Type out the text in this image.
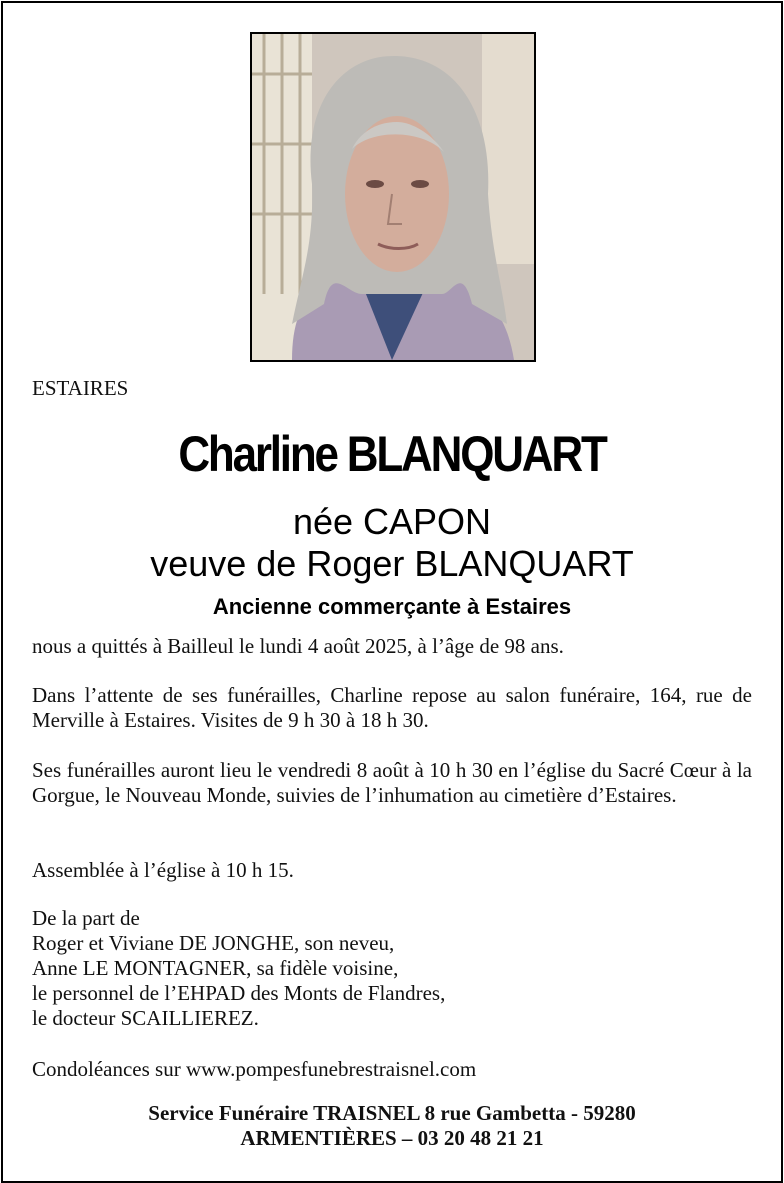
ESTAIRES
Charline BLANQUART
née CAPON
veuve de Roger BLANQUART
Ancienne commerçante à Estaires
nous a quittés à Bailleul le lundi 4 août 2025, à l’âge de 98 ans.
Dans l’attente de ses funérailles, Charline repose au salon funéraire, 164, rue de Merville à Estaires. Visites de 9 h 30 à 18 h 30.
Ses funérailles auront lieu le vendredi 8 août à 10 h 30 en l’église du Sacré Cœur à la Gorgue, le Nouveau Monde, suivies de l’inhumation au cimetière d’Estaires.
Assemblée à l’église à 10 h 15.
De la part de
Roger et Viviane DE JONGHE, son neveu,
Anne LE MONTAGNER, sa fidèle voisine,
le personnel de l’EHPAD des Monts de Flandres,
le docteur SCAILLIEREZ.
Condoléances sur www.pompesfunebrestraisnel.com
Service Funéraire TRAISNEL 8 rue Gambetta - 59280
ARMENTIÈRES – 03 20 48 21 21
